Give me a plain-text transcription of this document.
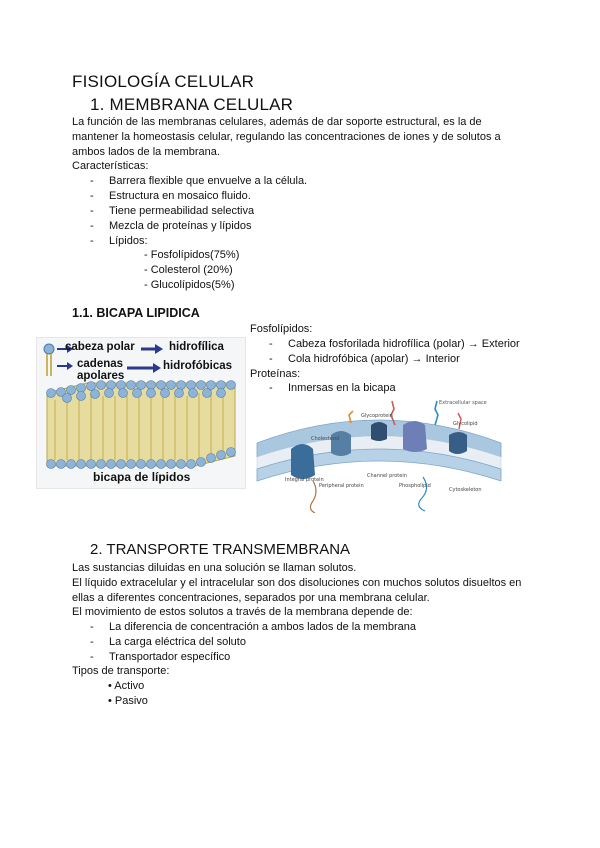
FISIOLOGÍA CELULAR
1. MEMBRANA CELULAR
La función de las membranas celulares, además de dar soporte estructural, es la de mantener la homeostasis celular, regulando las concentraciones de iones y de solutos a ambos lados de la membrana.
Características:
- Barrera flexible que envuelve a la célula.
- Estructura en mosaico fluido.
- Tiene permeabilidad selectiva
- Mezcla de proteínas y lípidos
- Lípidos:
- Fosfolípidos(75%)
- Colesterol (20%)
- Glucolípidos(5%)
1.1. BICAPA LIPIDICA
cabeza polar	hidrofílica
cadenas
apolares
hidrofóbicas
bicapa de lípidos
Fosfolípidos:
- Cabeza fosforilada hidrofílica (polar) → Exterior
- Cola hidrofóbica (apolar) → Interior
Proteínas:
- Inmersas en la bicapa
Extracellular space
Cholesterol
Glycoprotein
Glycolipid
Integral protein
Peripheral protein
Channel protein
Phospholipid
Cytoskeleton
2. TRANSPORTE TRANSMEMBRANA
Las sustancias diluidas en una solución se llaman solutos.
El líquido extracelular y el intracelular son dos disoluciones con muchos solutos disueltos en ellas a diferentes concentraciones, separados por una membrana celular.
El movimiento de estos solutos a través de la membrana depende de:
- La diferencia de concentración a ambos lados de la membrana
- La carga eléctrica del soluto
- Transportador específico
Tipos de transporte:
• Activo
• Pasivo
